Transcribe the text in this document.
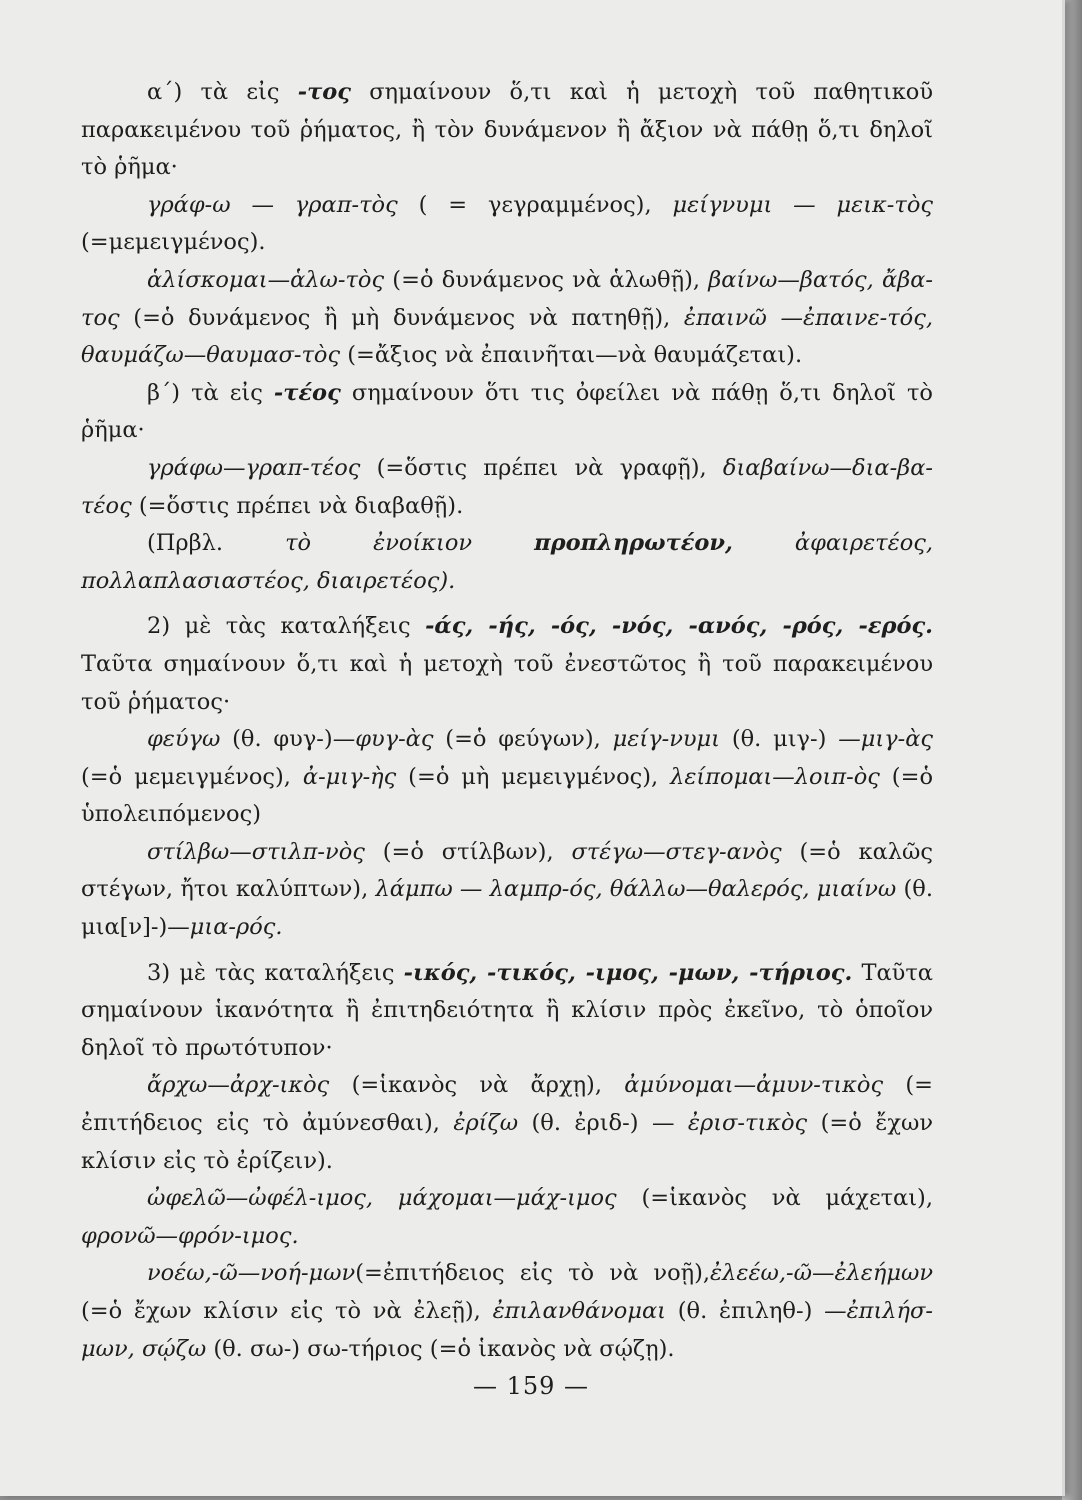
α΄) τὰ εἰς -τος σημαίνουν ὅ,τι καὶ ἡ μετοχὴ τοῦ παθητικοῦ παρακειμένου τοῦ ῥήματος, ἢ τὸν δυνάμενον ἢ ἄξιον νὰ πάθῃ ὅ,τι δηλοῖ τὸ ῥῆμα·

γράφ-ω — γραπ-τὸς ( = γεγραμμένος), μείγνυμι — μεικ-τὸς (=μεμειγμένος).

ἁλίσκομαι—ἁλω-τὸς (=ὁ δυνάμενος νὰ ἁλωθῇ), βαίνω—βατός, ἄβα-τος (=ὁ δυνάμενος ἢ μὴ δυνάμενος νὰ πατηθῇ), ἐπαινῶ —ἐπαινε-τός, θαυμάζω—θαυμασ-τὸς (=ἄξιος νὰ ἐπαινῆται—νὰ θαυμάζεται).

β΄) τὰ εἰς -τέος σημαίνουν ὅτι τις ὀφείλει νὰ πάθῃ ὅ,τι δηλοῖ τὸ ῥῆμα·

γράφω—γραπ-τέος (=ὅστις πρέπει νὰ γραφῇ), διαβαίνω—δια-βα-τέος (=ὅστις πρέπει νὰ διαβαθῇ).

(Πρβλ. τὸ ἐνοίκιον προπληρωτέον, ἀφαιρετέος, πολλαπλασιαστέος, διαιρετέος).

2) μὲ τὰς καταλήξεις -άς, -ής, -ός, -νός, -ανός, -ρός, -ερός. Ταῦτα σημαίνουν ὅ,τι καὶ ἡ μετοχὴ τοῦ ἐνεστῶτος ἢ τοῦ παρακειμένου τοῦ ῥήματος·

φεύγω (θ. φυγ-)—φυγ-ὰς (=ὁ φεύγων), μείγ-νυμι (θ. μιγ-) —μιγ-ὰς (=ὁ μεμειγμένος), ἀ-μιγ-ὴς (=ὁ μὴ μεμειγμένος), λείπομαι—λοιπ-ὸς (=ὁ ὑπολειπόμενος)

στίλβω—στιλπ-νὸς (=ὁ στίλβων), στέγω—στεγ-ανὸς (=ὁ καλῶς στέγων, ἤτοι καλύπτων), λάμπω — λαμπρ-ός, θάλλω—θαλερός, μιαίνω (θ. μια[ν]-)—μια-ρός.

3) μὲ τὰς καταλήξεις -ικός, -τικός, -ιμος, -μων, -τήριος. Ταῦτα σημαίνουν ἱκανότητα ἢ ἐπιτηδειότητα ἢ κλίσιν πρὸς ἐκεῖνο, τὸ ὁποῖον δηλοῖ τὸ πρωτότυπον·

ἄρχω—ἀρχ-ικὸς (=ἱκανὸς νὰ ἄρχῃ), ἀμύνομαι—ἀμυν-τικὸς (= ἐπιτήδειος εἰς τὸ ἀμύνεσθαι), ἐρίζω (θ. ἐριδ-) — ἐρισ-τικὸς (=ὁ ἔχων κλίσιν εἰς τὸ ἐρίζειν).

ὠφελῶ—ὠφέλ-ιμος, μάχομαι—μάχ-ιμος (=ἱκανὸς νὰ μάχεται), φρονῶ—φρόν-ιμος.

νοέω,-ῶ—νοή-μων(=ἐπιτήδειος εἰς τὸ νὰ νοῇ),ἐλεέω,-ῶ—ἐλεήμων (=ὁ ἔχων κλίσιν εἰς τὸ νὰ ἐλεῇ), ἐπιλανθάνομαι (θ. ἐπιληθ-) —ἐπιλήσ-μων, σῴζω (θ. σω-) σω-τήριος (=ὁ ἱκανὸς νὰ σῴζῃ).

— 159 —
